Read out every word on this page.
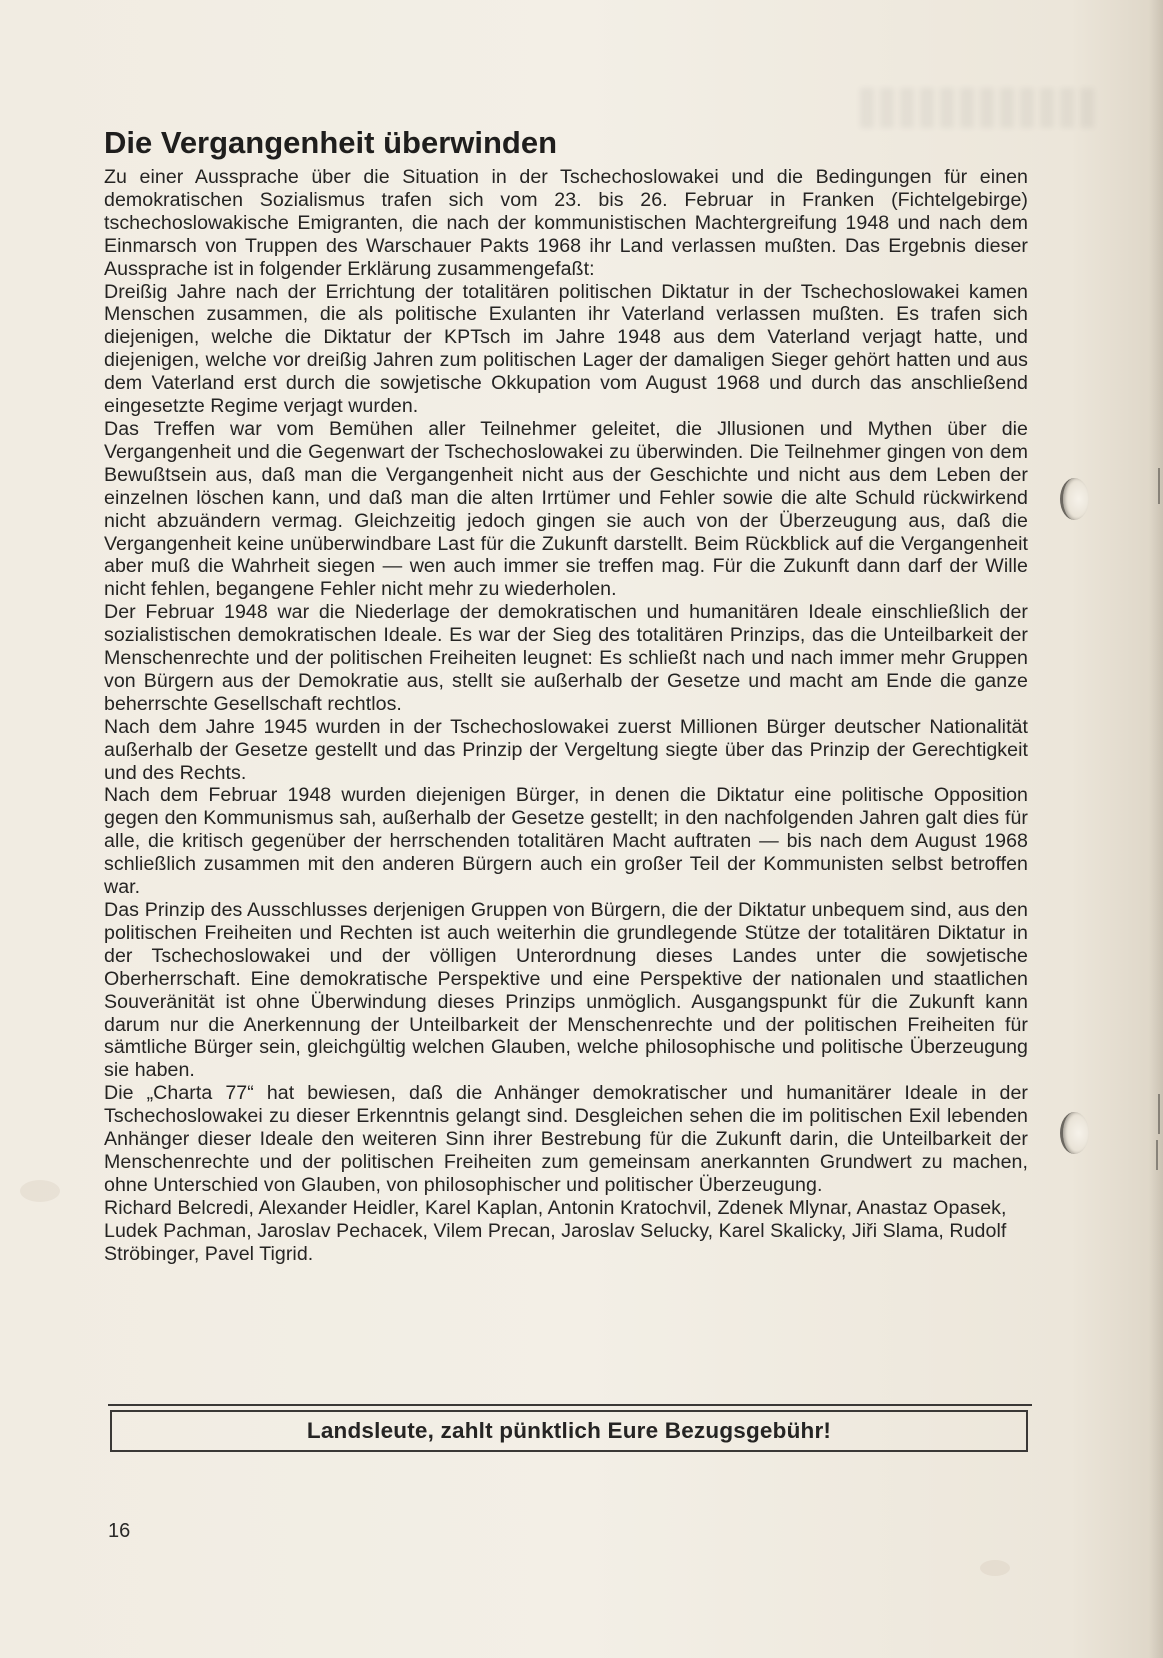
Die Vergangenheit überwinden

Zu einer Aussprache über die Situation in der Tschechoslowakei und die Bedingungen für einen demokratischen Sozialismus trafen sich vom 23. bis 26. Februar in Franken (Fichtelgebirge) tschechoslowakische Emigranten, die nach der kommunistischen Machtergreifung 1948 und nach dem Einmarsch von Truppen des Warschauer Pakts 1968 ihr Land verlassen mußten. Das Ergebnis dieser Aussprache ist in folgender Erklärung zusammengefaßt:
Dreißig Jahre nach der Errichtung der totalitären politischen Diktatur in der Tschechoslowakei kamen Menschen zusammen, die als politische Exulanten ihr Vaterland verlassen mußten. Es trafen sich diejenigen, welche die Diktatur der KPTsch im Jahre 1948 aus dem Vaterland verjagt hatte, und diejenigen, welche vor dreißig Jahren zum politischen Lager der damaligen Sieger gehört hatten und aus dem Vaterland erst durch die sowjetische Okkupation vom August 1968 und durch das anschließend eingesetzte Regime verjagt wurden.
Das Treffen war vom Bemühen aller Teilnehmer geleitet, die Jllusionen und Mythen über die Vergangenheit und die Gegenwart der Tschechoslowakei zu überwinden. Die Teilnehmer gingen von dem Bewußtsein aus, daß man die Vergangenheit nicht aus der Geschichte und nicht aus dem Leben der einzelnen löschen kann, und daß man die alten Irrtümer und Fehler sowie die alte Schuld rückwirkend nicht abzuändern vermag. Gleichzeitig jedoch gingen sie auch von der Überzeugung aus, daß die Vergangenheit keine unüberwindbare Last für die Zukunft darstellt. Beim Rückblick auf die Vergangenheit aber muß die Wahrheit siegen — wen auch immer sie treffen mag. Für die Zukunft dann darf der Wille nicht fehlen, begangene Fehler nicht mehr zu wiederholen.
Der Februar 1948 war die Niederlage der demokratischen und humanitären Ideale einschließlich der sozialistischen demokratischen Ideale. Es war der Sieg des totalitären Prinzips, das die Unteilbarkeit der Menschenrechte und der politischen Freiheiten leugnet: Es schließt nach und nach immer mehr Gruppen von Bürgern aus der Demokratie aus, stellt sie außerhalb der Gesetze und macht am Ende die ganze beherrschte Gesellschaft rechtlos.
Nach dem Jahre 1945 wurden in der Tschechoslowakei zuerst Millionen Bürger deutscher Nationalität außerhalb der Gesetze gestellt und das Prinzip der Vergeltung siegte über das Prinzip der Gerechtigkeit und des Rechts.
Nach dem Februar 1948 wurden diejenigen Bürger, in denen die Diktatur eine politische Opposition gegen den Kommunismus sah, außerhalb der Gesetze gestellt; in den nachfolgenden Jahren galt dies für alle, die kritisch gegenüber der herrschenden totalitären Macht auftraten — bis nach dem August 1968 schließlich zusammen mit den anderen Bürgern auch ein großer Teil der Kommunisten selbst betroffen war.
Das Prinzip des Ausschlusses derjenigen Gruppen von Bürgern, die der Diktatur unbequem sind, aus den politischen Freiheiten und Rechten ist auch weiterhin die grundlegende Stütze der totalitären Diktatur in der Tschechoslowakei und der völligen Unterordnung dieses Landes unter die sowjetische Oberherrschaft. Eine demokratische Perspektive und eine Perspektive der nationalen und staatlichen Souveränität ist ohne Überwindung dieses Prinzips unmöglich. Ausgangspunkt für die Zukunft kann darum nur die Anerkennung der Unteilbarkeit der Menschenrechte und der politischen Freiheiten für sämtliche Bürger sein, gleichgültig welchen Glauben, welche philosophische und politische Überzeugung sie haben.
Die „Charta 77“ hat bewiesen, daß die Anhänger demokratischer und humanitärer Ideale in der Tschechoslowakei zu dieser Erkenntnis gelangt sind. Desgleichen sehen die im politischen Exil lebenden Anhänger dieser Ideale den weiteren Sinn ihrer Bestrebung für die Zukunft darin, die Unteilbarkeit der Menschenrechte und der politischen Freiheiten zum gemeinsam anerkannten Grundwert zu machen, ohne Unterschied von Glauben, von philosophischer und politischer Überzeugung.

Richard Belcredi, Alexander Heidler, Karel Kaplan, Antonin Kratochvil, Zdenek Mlynar, Anastaz Opasek, Ludek Pachman, Jaroslav Pechacek, Vilem Precan, Jaroslav Selucky, Karel Skalicky, Jiři Slama, Rudolf Ströbinger, Pavel Tigrid.

Landsleute, zahlt pünktlich Eure Bezugsgebühr!
16
